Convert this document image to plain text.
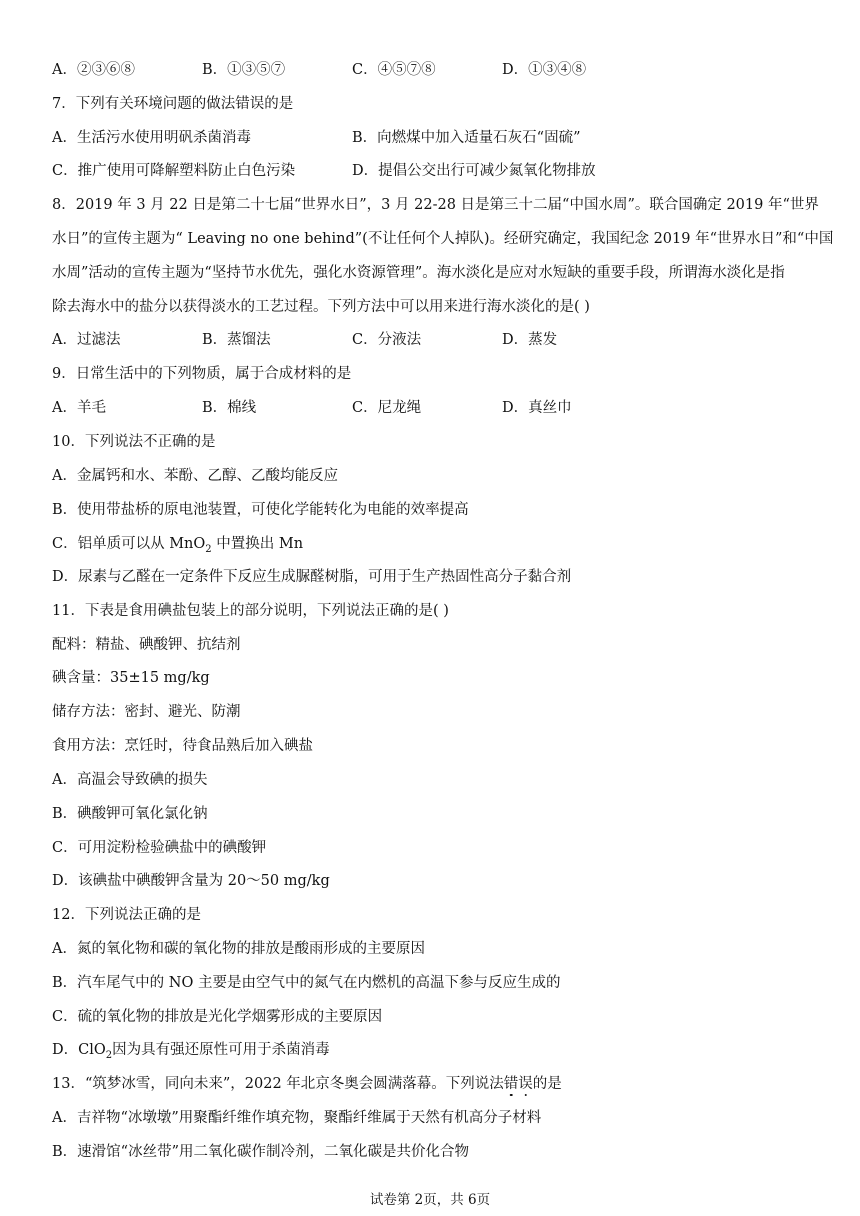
A．②③⑥⑧	B．①③⑤⑦	C．④⑤⑦⑧	D．①③④⑧
7．下列有关环境问题的做法错误的是
A．生活污水使用明矾杀菌消毒	B．向燃煤中加入适量石灰石“固硫”
C．推广使用可降解塑料防止白色污染	D．提倡公交出行可减少氮氧化物排放
8．2019 年 3 月 22 日是第二十七届“世界水日”，3 月 22-28 日是第三十二届“中国水周”。联合国确定 2019 年“世界
水日”的宣传主题为“ Leaving no one behind”(不让任何个人掉队)。经研究确定，我国纪念 2019 年“世界水日”和“中国
水周”活动的宣传主题为“坚持节水优先，强化水资源管理”。海水淡化是应对水短缺的重要手段，所谓海水淡化是指
除去海水中的盐分以获得淡水的工艺过程。下列方法中可以用来进行海水淡化的是( )
A．过滤法	B．蒸馏法	C．分液法	D．蒸发
9．日常生活中的下列物质，属于合成材料的是
A．羊毛	B．棉线	C．尼龙绳	D．真丝巾
10．下列说法不正确的是
A．金属钙和水、苯酚、乙醇、乙酸均能反应
B．使用带盐桥的原电池装置，可使化学能转化为电能的效率提高
C．铝单质可以从 MnO$_2$ 中置换出 Mn
D．尿素与乙醛在一定条件下反应生成脲醛树脂，可用于生产热固性高分子黏合剂
11．下表是食用碘盐包装上的部分说明，下列说法正确的是( )
配料：精盐、碘酸钾、抗结剂
碘含量：35±15 mg/kg
储存方法：密封、避光、防潮
食用方法：烹饪时，待食品熟后加入碘盐
A．高温会导致碘的损失
B．碘酸钾可氧化氯化钠
C．可用淀粉检验碘盐中的碘酸钾
D．该碘盐中碘酸钾含量为 20～50 mg/kg
12．下列说法正确的是
A．氮的氧化物和碳的氧化物的排放是酸雨形成的主要原因
B．汽车尾气中的 NO 主要是由空气中的氮气在内燃机的高温下参与反应生成的
C．硫的氧化物的排放是光化学烟雾形成的主要原因
D．ClO$_2$因为具有强还原性可用于杀菌消毒
13．“筑梦冰雪，同向未来”，2022 年北京冬奥会圆满落幕。下列说法错误的是
A．吉祥物“冰墩墩”用聚酯纤维作填充物，聚酯纤维属于天然有机高分子材料
B．速滑馆“冰丝带”用二氧化碳作制冷剂，二氧化碳是共价化合物
试卷第 2页，共 6页
